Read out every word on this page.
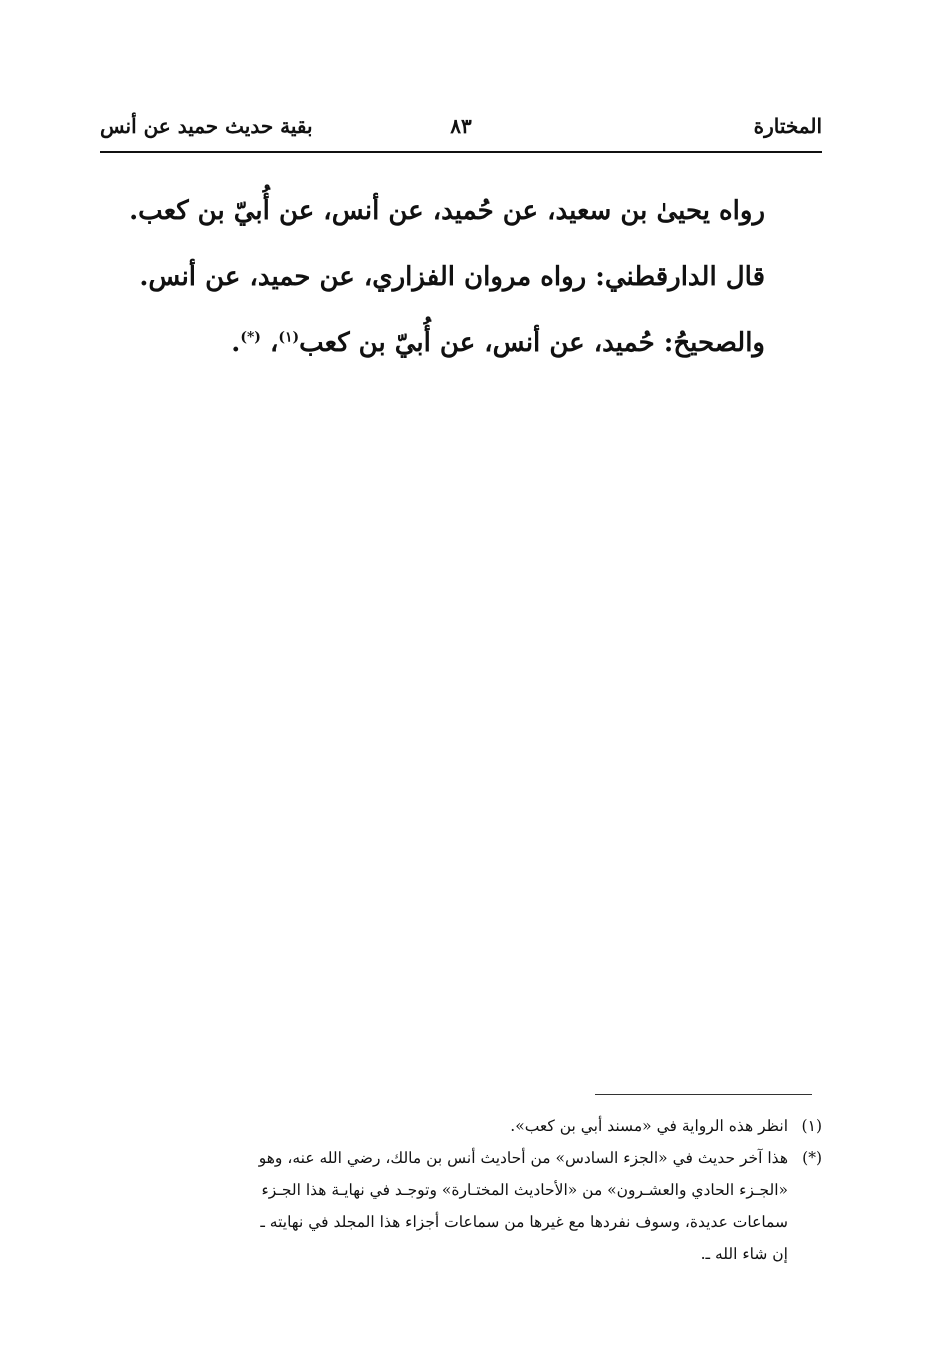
المختارة
٨٣
بقية حديث حميد عن أنس
رواه يحيىٰ بن سعيد، عن حُميد، عن أنس، عن أُبيّ بن كعب.
قال الدارقطني: رواه مروان الفزاري، عن حميد، عن أنس.
والصحيحُ: حُميد، عن أنس، عن أُبيّ بن كعب$^{(١)}$، (*).
(١)
انظر هذه الرواية في «مسند أبي بن كعب».
(*)
هذا آخر حديث في «الجزء السادس» من أحاديث أنس بن مالك، رضي الله عنه، وهو
«الجـزء الحادي والعشـرون» من «الأحاديث المختـارة» وتوجـد في نهايـة هذا الجـزء
سماعات عديدة، وسوف نفردها مع غيرها من سماعات أجزاء هذا المجلد في نهايته ـ
إن شاء الله ـ.
